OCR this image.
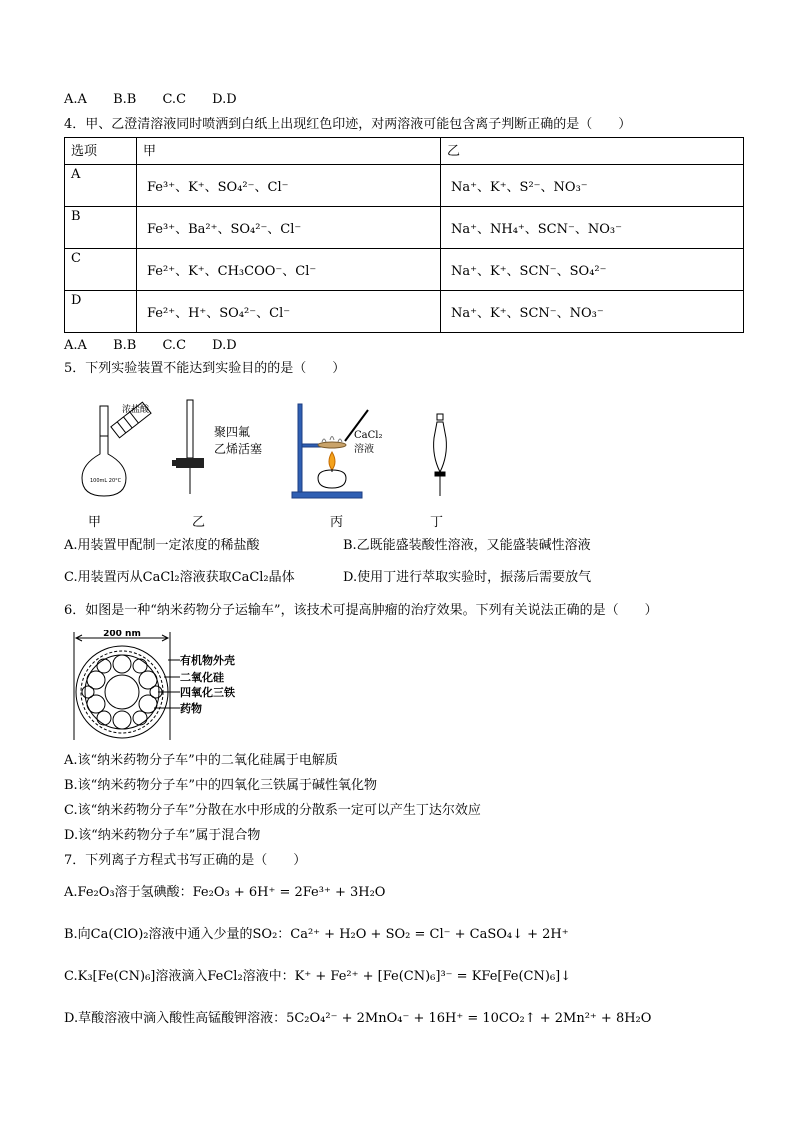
A.A B.B C.C D.D
4．甲、乙澄清溶液同时喷洒到白纸上出现红色印迹，对两溶液可能包含离子判断正确的是（　　）
选项	甲	乙
A	Fe³⁺、K⁺、SO₄²⁻、Cl⁻	Na⁺、K⁺、S²⁻、NO₃⁻
B	Fe³⁺、Ba²⁺、SO₄²⁻、Cl⁻	Na⁺、NH₄⁺、SCN⁻、NO₃⁻
C	Fe²⁺、K⁺、CH₃COO⁻、Cl⁻	Na⁺、K⁺、SCN⁻、SO₄²⁻
D	Fe²⁺、H⁺、SO₄²⁻、Cl⁻	Na⁺、K⁺、SCN⁻、NO₃⁻
A.A B.B C.C D.D
5．下列实验装置不能达到实验目的的是（　　）
浓盐酸
100mL 20°C
聚四氟
乙烯活塞
CaCl₂
溶液
甲	乙	丙	丁
A.用装置甲配制一定浓度的稀盐酸	B.乙既能盛装酸性溶液，又能盛装碱性溶液
C.用装置丙从CaCl₂溶液获取CaCl₂晶体	D.使用丁进行萃取实验时，振荡后需要放气
6．如图是一种“纳米药物分子运输车”，该技术可提高肿瘤的治疗效果。下列有关说法正确的是（　　）
200 nm
有机物外壳
二氧化硅
四氧化三铁
药物
A.该“纳米药物分子车”中的二氧化硅属于电解质
B.该“纳米药物分子车”中的四氧化三铁属于碱性氧化物
C.该“纳米药物分子车”分散在水中形成的分散系一定可以产生丁达尔效应
D.该“纳米药物分子车”属于混合物
7．下列离子方程式书写正确的是（　　）
A.Fe₂O₃溶于氢碘酸：Fe₂O₃ + 6H⁺ = 2Fe³⁺ + 3H₂O
B.向Ca(ClO)₂溶液中通入少量的SO₂：Ca²⁺ + H₂O + SO₂ = Cl⁻ + CaSO₄↓ + 2H⁺
C.K₃[Fe(CN)₆]溶液滴入FeCl₂溶液中：K⁺ + Fe²⁺ + [Fe(CN)₆]³⁻ = KFe[Fe(CN)₆]↓
D.草酸溶液中滴入酸性高锰酸钾溶液：5C₂O₄²⁻ + 2MnO₄⁻ + 16H⁺ = 10CO₂↑ + 2Mn²⁺ + 8H₂O
